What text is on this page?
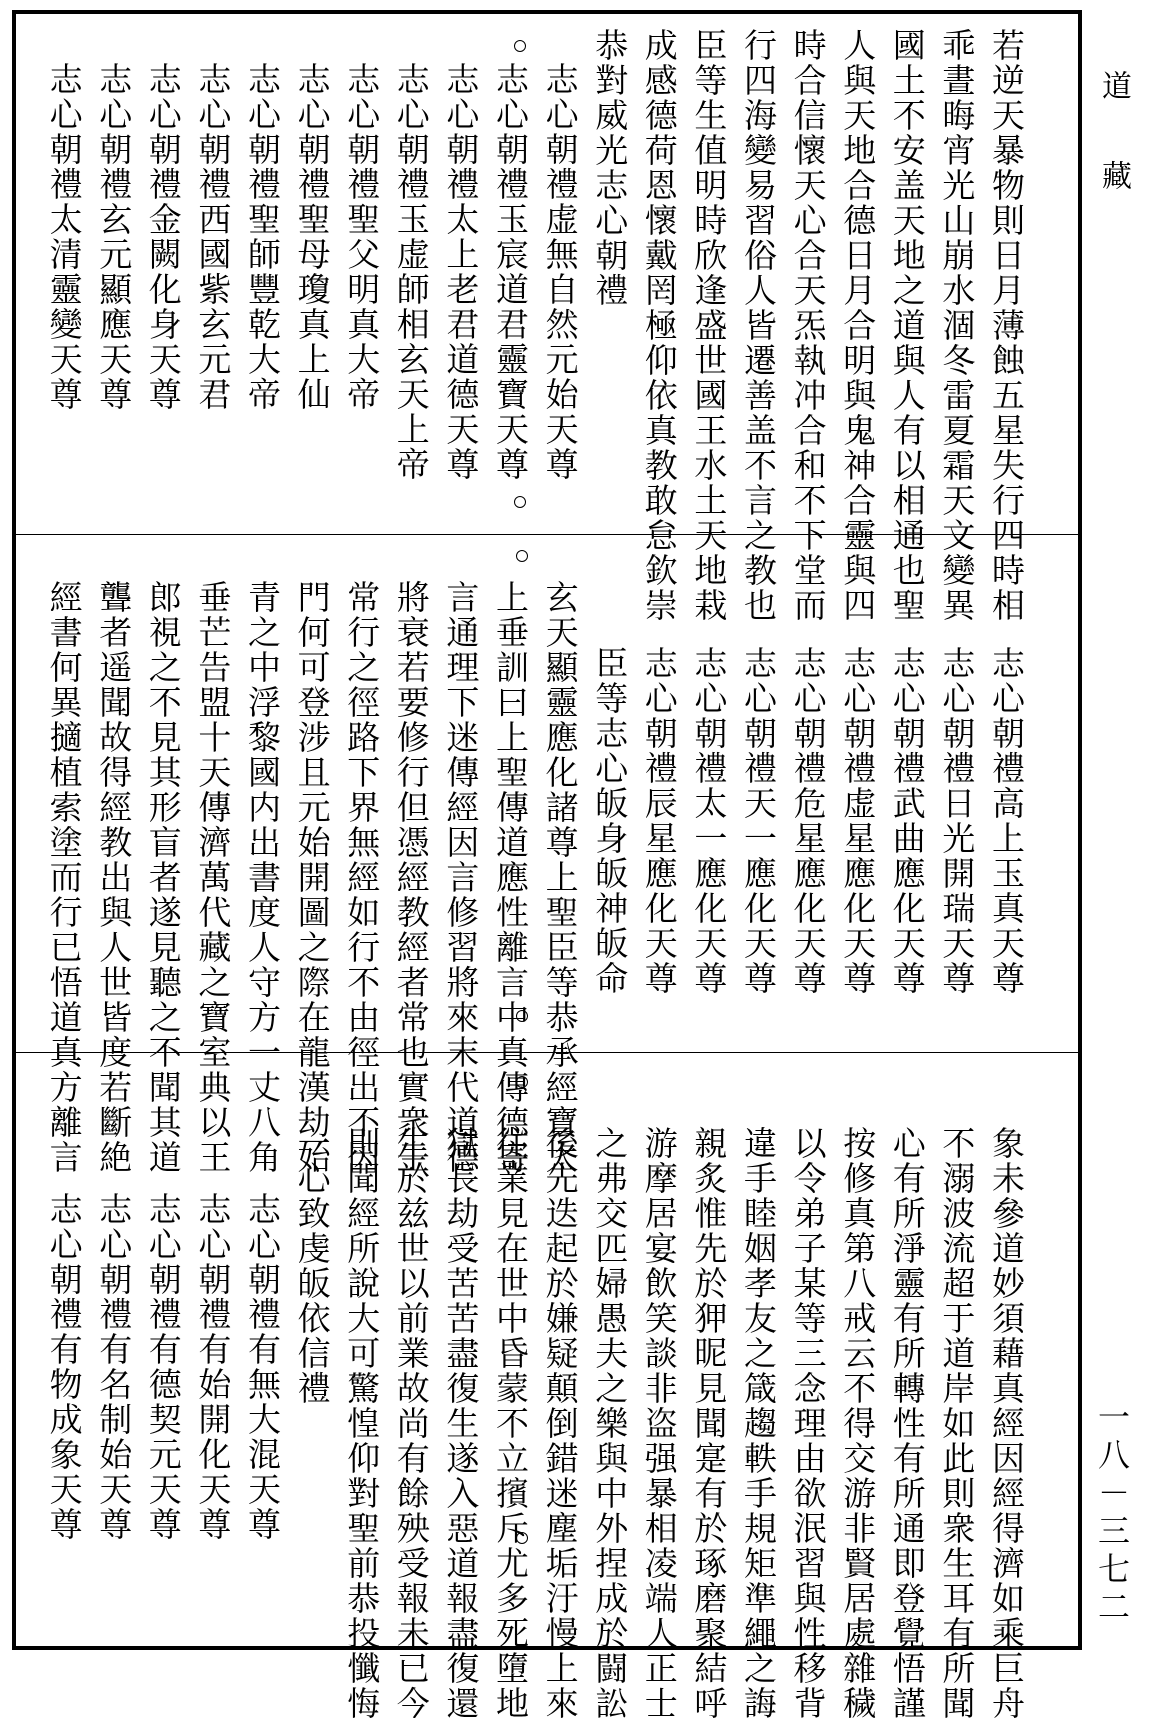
道藏
一八－三七二
若逆天暴物則日月薄蝕五星失行四時相
乖晝晦宵光山崩水涸冬雷夏霜天文變異
國土不安盖天地之道與人有以相通也聖
人與天地合德日月合明與鬼神合靈與四
時合信懷天心合天炁執冲合和不下堂而
行四海變易習俗人皆遷善盖不言之教也
臣等生值明時欣逢盛世國王水土天地栽
成感德荷恩懷戴罔極仰依真教敢怠欽崇
恭對威光志心朝禮
志心朝禮虚無自然元始天尊
志心朝禮玉宸道君靈寶天尊
志心朝禮太上老君道德天尊
志心朝禮玉虚師相玄天上帝
志心朝禮聖父明真大帝
志心朝禮聖母瓊真上仙
志心朝禮聖師豐乾大帝
志心朝禮西國紫玄元君
志心朝禮金闕化身天尊
志心朝禮玄元顯應天尊
志心朝禮太清靈變天尊
志心朝禮高上玉真天尊
志心朝禮日光開瑞天尊
志心朝禮武曲應化天尊
志心朝禮虚星應化天尊
志心朝禮危星應化天尊
志心朝禮天一應化天尊
志心朝禮太一應化天尊
志心朝禮辰星應化天尊
臣等志心皈身皈神皈命
玄天顯靈應化諸尊上聖臣等恭承經寶太
上垂訓曰上聖傳道應性離言中真傳德寄
言通理下迷傳經因言修習將來末代道德
將衰若要修行但憑經教經者常也實衆生
常行之徑路下界無經如行不由徑出不因
門何可登涉且元始開圖之際在龍漢劫始
青之中浮黎國内出書度人守方一丈八角
垂芒告盟十天傳濟萬代藏之寶室典以王
郎視之不見其形盲者遂見聽之不聞其道
聾者遥聞故得經教出與人世皆度若斷絶
經書何異擿植索塗而行已悟道真方離言
象未參道妙須藉真經因經得濟如乘巨舟
不溺波流超于道岸如此則衆生耳有所聞
心有所淨靈有所轉性有所通即登覺悟謹
按修真第八戒云不得交游非賢居處雜穢
以令弟子某等三念理由欲泯習與性移背
違手睦姻孝友之箴趨軼手規矩準繩之誨
親炙惟先於狎昵見聞寔有於琢磨聚結呼
游摩居宴飲笑談非盗强暴相凌端人正士
之弗交匹婦愚夫之樂與中外捏成於闘訟
後先迭起於嫌疑顛倒錯迷塵垢汙慢上來
往業見在世中昏蒙不立擯斥尤多死墮地
獄長劫受苦苦盡復生遂入惡道報盡復還
生於兹世以前業故尚有餘殃受報未已今
則聞經所說大可驚惶仰對聖前恭投懺悔
一心致虔皈依信禮
志心朝禮有無大混天尊
志心朝禮有始開化天尊
志心朝禮有德契元天尊
志心朝禮有名制始天尊
志心朝禮有物成象天尊
